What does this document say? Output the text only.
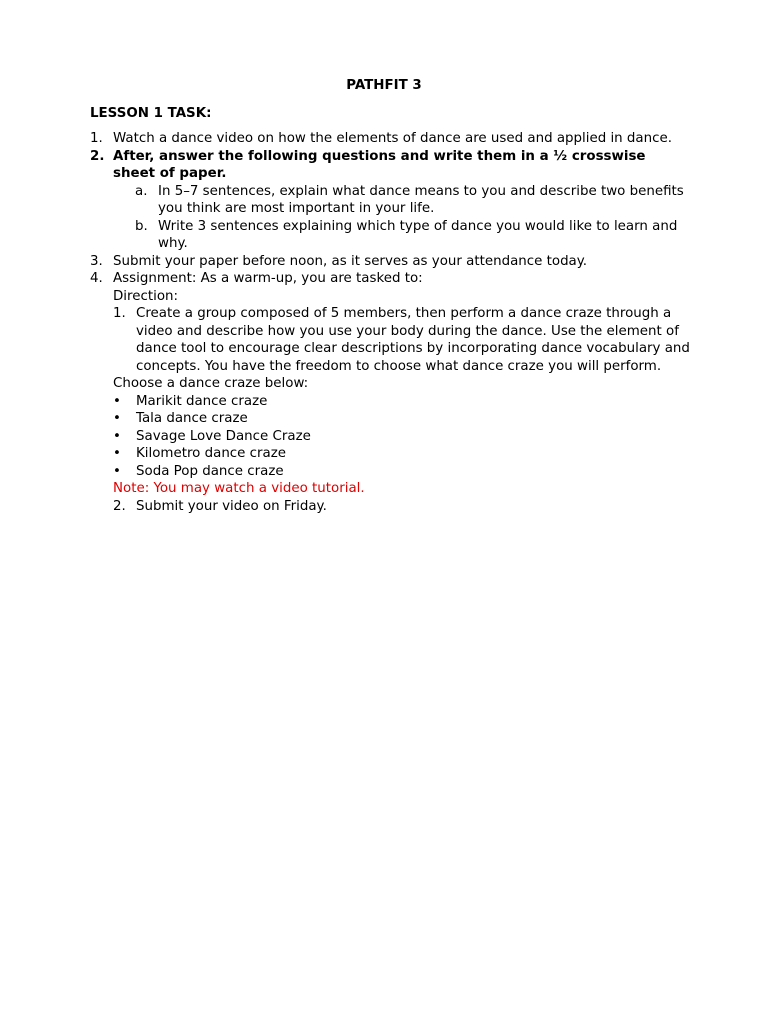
PATHFIT 3
LESSON 1 TASK:
1. Watch a dance video on how the elements of dance are used and applied in dance.
2. After, answer the following questions and write them in a ½ crosswise sheet of paper.
a. In 5–7 sentences, explain what dance means to you and describe two benefits you think are most important in your life.
b. Write 3 sentences explaining which type of dance you would like to learn and why.
3. Submit your paper before noon, as it serves as your attendance today.
4. Assignment: As a warm-up, you are tasked to:
Direction:
1. Create a group composed of 5 members, then perform a dance craze through a video and describe how you use your body during the dance. Use the element of dance tool to encourage clear descriptions by incorporating dance vocabulary and concepts. You have the freedom to choose what dance craze you will perform.
Choose a dance craze below:
• Marikit dance craze
• Tala dance craze
• Savage Love Dance Craze
• Kilometro dance craze
• Soda Pop dance craze
Note: You may watch a video tutorial.
2. Submit your video on Friday.
